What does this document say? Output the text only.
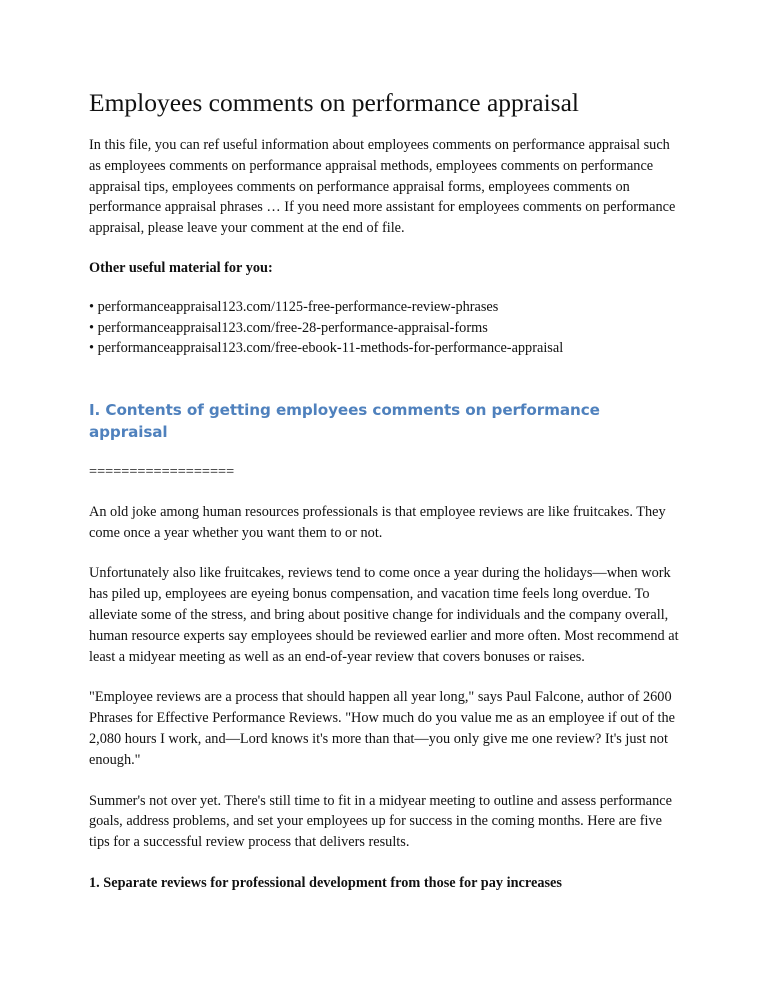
Employees comments on performance appraisal

In this file, you can ref useful information about employees comments on performance appraisal such as employees comments on performance appraisal methods, employees comments on performance appraisal tips, employees comments on performance appraisal forms, employees comments on performance appraisal phrases … If you need more assistant for employees comments on performance appraisal, please leave your comment at the end of file.

Other useful material for you:

• performanceappraisal123.com/1125-free-performance-review-phrases
• performanceappraisal123.com/free-28-performance-appraisal-forms
• performanceappraisal123.com/free-ebook-11-methods-for-performance-appraisal
I. Contents of getting employees comments on performance appraisal

==================

An old joke among human resources professionals is that employee reviews are like fruitcakes. They come once a year whether you want them to or not.

Unfortunately also like fruitcakes, reviews tend to come once a year during the holidays—when work has piled up, employees are eyeing bonus compensation, and vacation time feels long overdue. To alleviate some of the stress, and bring about positive change for individuals and the company overall, human resource experts say employees should be reviewed earlier and more often. Most recommend at least a midyear meeting as well as an end-of-year review that covers bonuses or raises.

"Employee reviews are a process that should happen all year long," says Paul Falcone, author of 2600 Phrases for Effective Performance Reviews. "How much do you value me as an employee if out of the 2,080 hours I work, and—Lord knows it's more than that—you only give me one review? It's just not enough."

Summer's not over yet. There's still time to fit in a midyear meeting to outline and assess performance goals, address problems, and set your employees up for success in the coming months. Here are five tips for a successful review process that delivers results.

1. Separate reviews for professional development from those for pay increases
